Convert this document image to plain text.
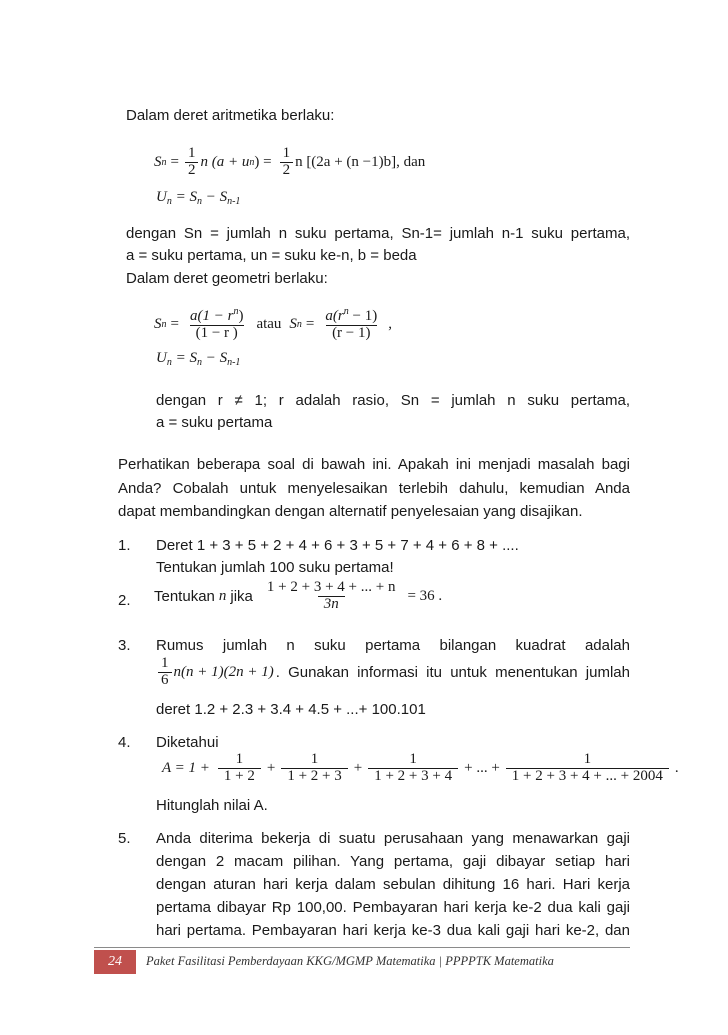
Dalam deret aritmetika berlaku:
S $n = \frac{1}{2}$ n (a + u n ) = $\frac{1}{2}$ n [(2a + (n −1)b], dan
$U_n = S_n - S_{n-1}$
dengan Sn = jumlah n suku pertama, Sn-1= jumlah n-1 suku pertama,
a = suku pertama, un = suku ke-n, b = beda
Dalam deret geometri berlaku:
S $n = \frac{a(1 - r^n)}{(1 - r )}$ atau S $n = \frac{a(r^n - 1)}{(r - 1)}$ ,
$U_n = S_n - S_{n-1}$
dengan r ≠ 1; r adalah rasio, Sn = jumlah n suku pertama,
a = suku pertama
Perhatikan beberapa soal di bawah ini. Apakah ini menjadi masalah bagi
Anda? Cobalah untuk menyelesaikan terlebih dahulu, kemudian Anda
dapat membandingkan dengan alternatif penyelesaian yang disajikan.
1. Deret 1 + 3 + 5 + 2 + 4 + 6 + 3 + 5 + 7 + 4 + 6 + 8 + ....
Tentukan jumlah 100 suku pertama!
2. Tentukan n jika $\frac{1 + 2 + 3 + 4 + ... + n}{3n} = 36$ .
3. Rumus jumlah n suku pertama bilangan kuadrat adalah
$\frac{1}{6} n(n + 1)(2n + 1)$ . Gunakan informasi itu untuk menentukan jumlah
deret 1.2 + 2.3 + 3.4 + 4.5 + ...+ 100.101
4. Diketahui
$A = 1 + \frac{1}{1 + 2} + \frac{1}{1 + 2 + 3} + \frac{1}{1 + 2 + 3 + 4}$ + ... + $\frac{1}{1 + 2 + 3 + 4 + ... + 2004}$ .
Hitunglah nilai A.
5. Anda diterima bekerja di suatu perusahaan yang menawarkan gaji
dengan 2 macam pilihan. Yang pertama, gaji dibayar setiap hari
dengan aturan hari kerja dalam sebulan dihitung 16 hari. Hari kerja
pertama dibayar Rp 100,00. Pembayaran hari kerja ke-2 dua kali gaji
hari pertama. Pembayaran hari kerja ke-3 dua kali gaji hari ke-2, dan
24	Paket Fasilitasi Pemberdayaan KKG/MGMP Matematika | PPPPTK Matematika
